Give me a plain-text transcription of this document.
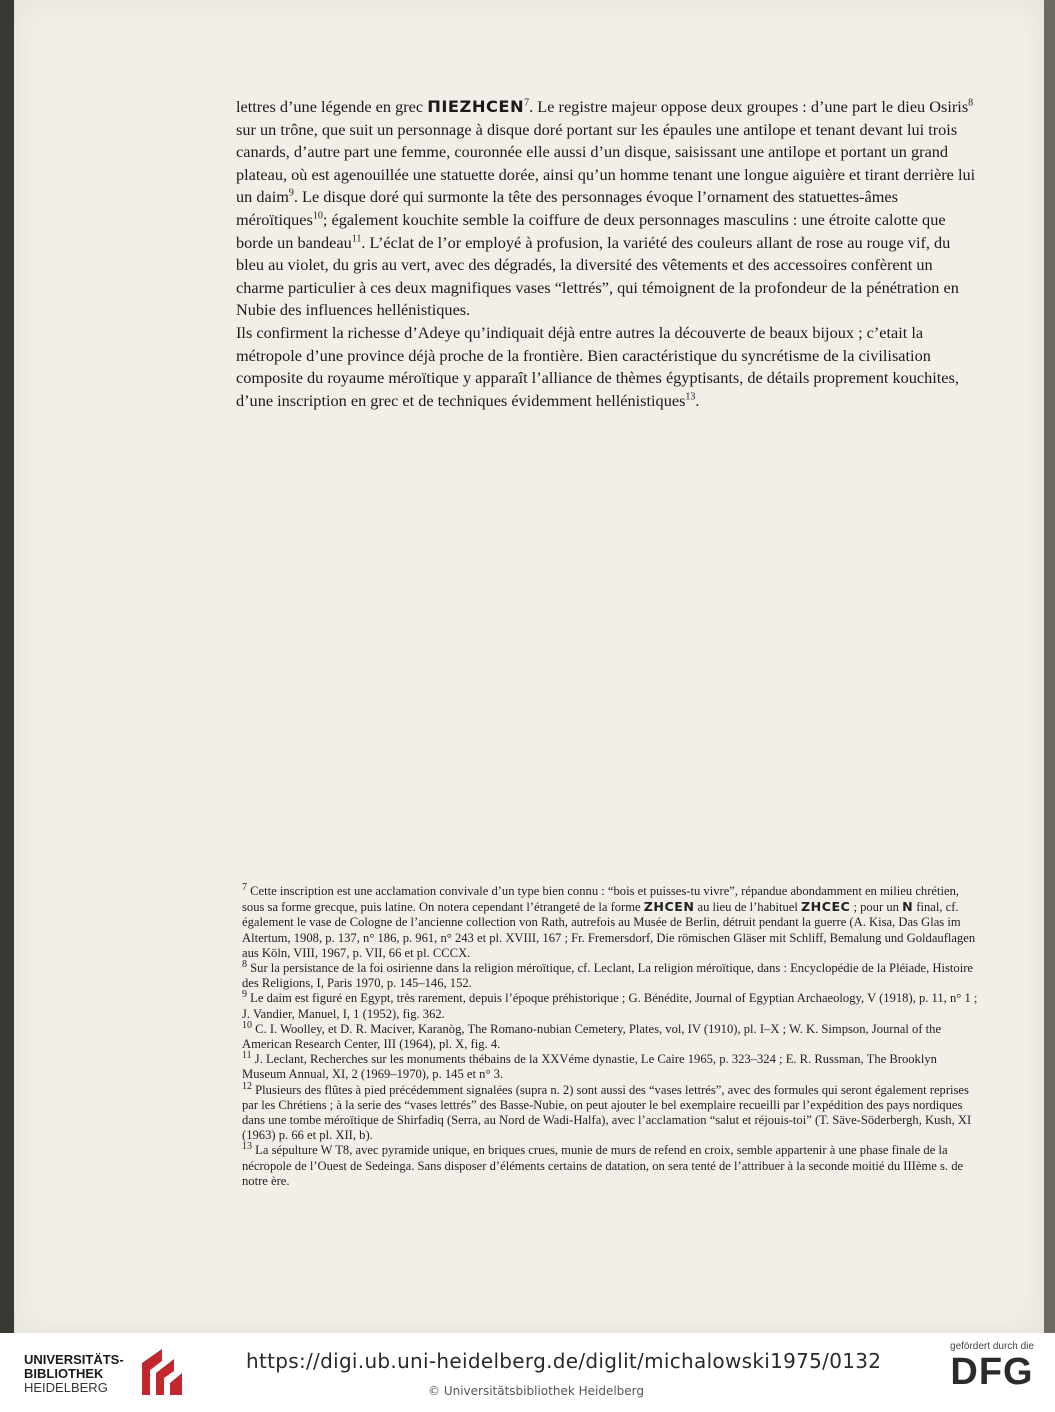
lettres d’une légende en grec ΠΙΕΖΗCΕΝ$^7$. Le registre majeur oppose deux groupes : d’une part le dieu Osiris$^8$ sur un trône, que suit un personnage à disque doré portant sur les épaules une antilope et tenant devant lui trois canards, d’autre part une femme, couronnée elle aussi d’un disque, saisissant une antilope et portant un grand plateau, où est agenouillée une statuette dorée, ainsi qu’un homme tenant une longue aiguière et tirant derrière lui un daim$^9$. Le disque doré qui surmonte la tête des personnages évoque l’ornament des statuettes-âmes méroïtiques$^{10}$; également kouchite semble la coiffure de deux personnages masculins : une étroite calotte que borde un bandeau$^{11}$. L’éclat de l’or employé à profusion, la variété des couleurs allant de rose au rouge vif, du bleu au violet, du gris au vert, avec des dégradés, la diversité des vêtements et des accessoires confèrent un charme particulier à ces deux magnifiques vases “lettrés”, qui témoignent de la profondeur de la pénétration en Nubie des influences hellénistiques.

Ils confirment la richesse d’Adeye qu’indiquait déjà entre autres la découverte de beaux bijoux ; c’etait la métropole d’une province déjà proche de la frontière. Bien caractéristique du syncrétisme de la civilisation composite du royaume méroïtique y apparaît l’alliance de thèmes égyptisants, de détails proprement kouchites, d’une inscription en grec et de techniques évidemment hellénistiques$^{13}$.

$^7$ Cette inscription est une acclamation convivale d’un type bien connu : “bois et puisses-tu vivre”, répandue abondamment en milieu chrétien, sous sa forme grecque, puis latine. On notera cependant l’étrangeté de la forme ΖΗCΕΝ au lieu de l’habituel ΖΗCΕC ; pour un Ν final, cf. également le vase de Cologne de l’ancienne collection von Rath, autrefois au Musée de Berlin, détruit pendant la guerre (A. Kisa, Das Glas im Altertum, 1908, p. 137, n° 186, p. 961, n° 243 et pl. XVIII, 167 ; Fr. Fremersdorf, Die römischen Gläser mit Schliff, Bemalung und Goldauflagen aus Köln, VIII, 1967, p. VII, 66 et pl. CCCX.

$^8$ Sur la persistance de la foi osirienne dans la religion méroïtique, cf. Leclant, La religion méroïtique, dans : Encyclopédie de la Pléiade, Histoire des Religions, I, Paris 1970, p. 145–146, 152.

$^9$ Le daim est figuré en Egypt, très rarement, depuis l’époque préhistorique ; G. Bénédite, Journal of Egyptian Archaeology, V (1918), p. 11, n° 1 ; J. Vandier, Manuel, I, 1 (1952), fig. 362.

$^{10}$ C. I. Woolley, et D. R. Maciver, Karanòg, The Romano-nubian Cemetery, Plates, vol, IV (1910), pl. I–X ; W. K. Simpson, Journal of the American Research Center, III (1964), pl. X, fig. 4.

$^{11}$ J. Leclant, Recherches sur les monuments thébains de la XXVéme dynastie, Le Caire 1965, p. 323–324 ; E. R. Russman, The Brooklyn Museum Annual, XI, 2 (1969–1970), p. 145 et n° 3.

$^{12}$ Plusieurs des flûtes à pied précédemment signalées (supra n. 2) sont aussi des “vases lettrés”, avec des formules qui seront également reprises par les Chrétiens ; à la serie des “vases lettrés” des Basse-Nubie, on peut ajouter le bel exemplaire recueilli par l’expédition des pays nordiques dans une tombe méroïtique de Shirfadiq (Serra, au Nord de Wadi-Halfa), avec l’acclamation “salut et réjouis-toi” (T. Säve-Söderbergh, Kush, XI (1963) p. 66 et pl. XII, b).

$^{13}$ La sépulture W T8, avec pyramide unique, en briques crues, munie de murs de refend en croix, semble appartenir à une phase finale de la nécropole de l’Ouest de Sedeinga. Sans disposer d’éléments certains de datation, on sera tenté de l’attribuer à la seconde moitié du IIIème s. de notre ère.

UNIVERSITÄTS-
BIBLIOTHEK
HEIDELBERG
https://digi.ub.uni-heidelberg.de/diglit/michalowski1975/0132
© Universitätsbibliothek Heidelberg
gefördert durch die
DFG
